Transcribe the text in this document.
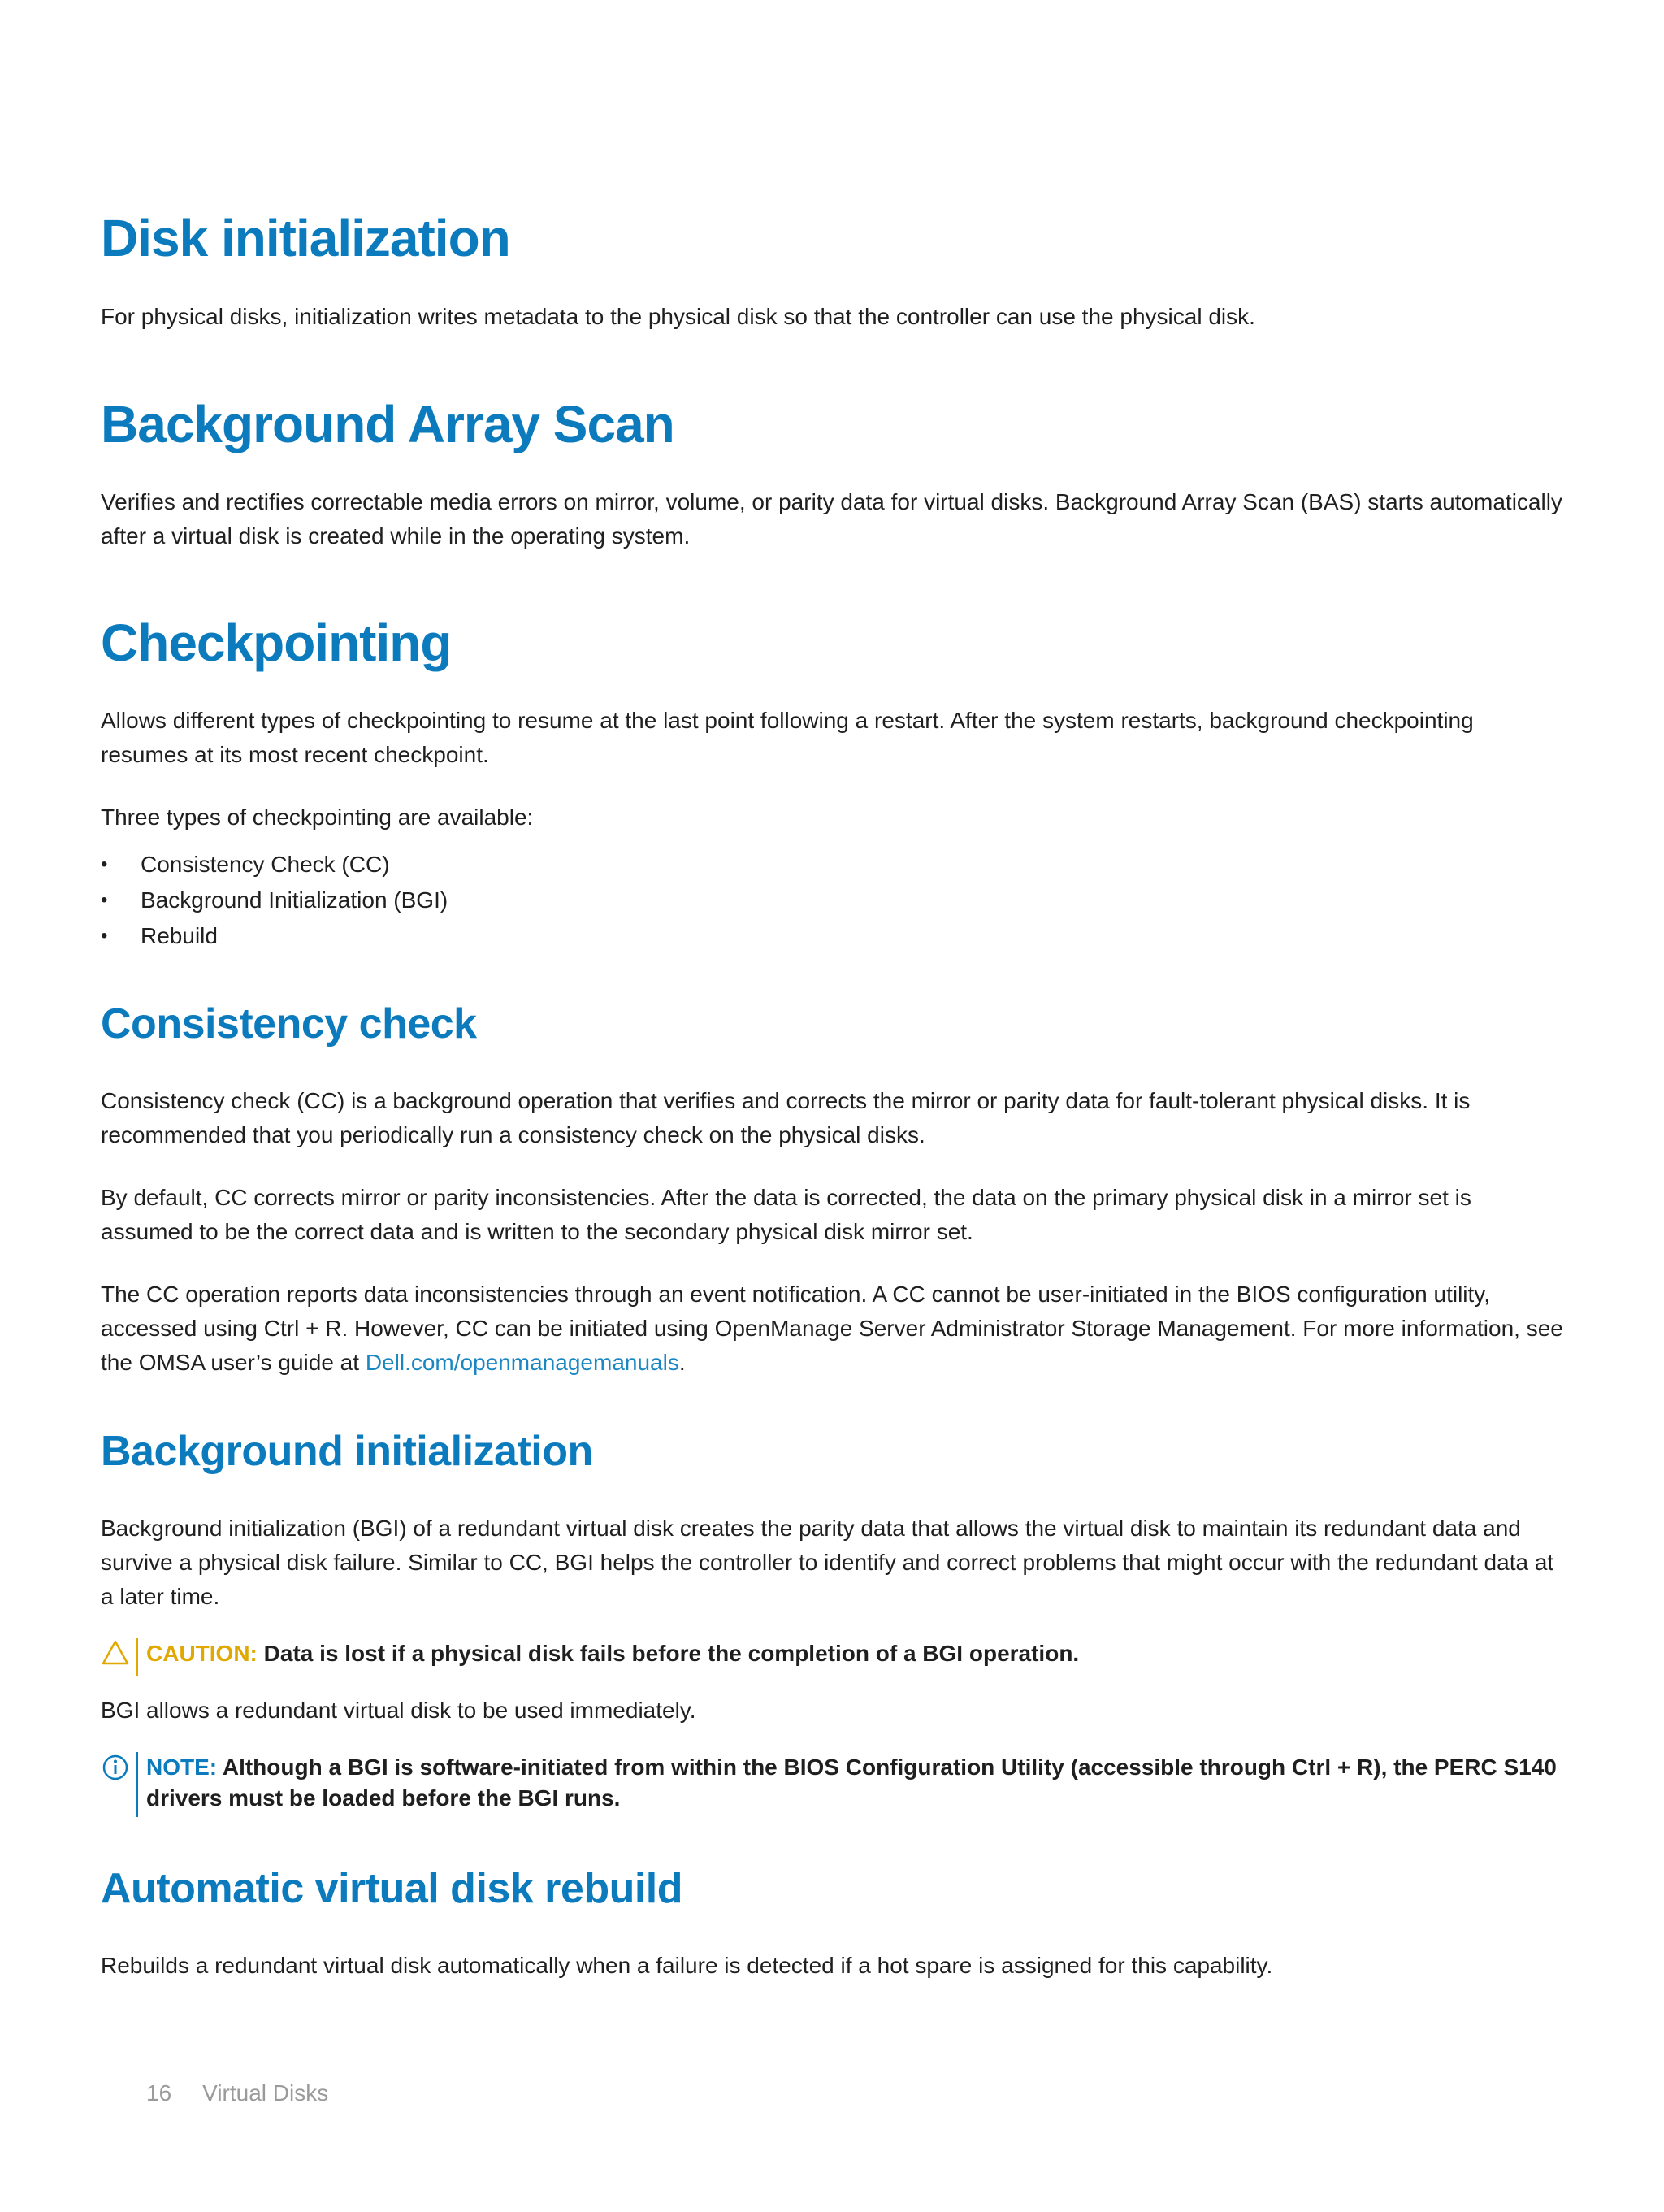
Disk initialization

For physical disks, initialization writes metadata to the physical disk so that the controller can use the physical disk.

Background Array Scan

Verifies and rectifies correctable media errors on mirror, volume, or parity data for virtual disks. Background Array Scan (BAS) starts automatically after a virtual disk is created while in the operating system.

Checkpointing

Allows different types of checkpointing to resume at the last point following a restart. After the system restarts, background checkpointing resumes at its most recent checkpoint.

Three types of checkpointing are available:

• Consistency Check (CC)
• Background Initialization (BGI)
• Rebuild
Consistency check

Consistency check (CC) is a background operation that verifies and corrects the mirror or parity data for fault-tolerant physical disks. It is recommended that you periodically run a consistency check on the physical disks.

By default, CC corrects mirror or parity inconsistencies. After the data is corrected, the data on the primary physical disk in a mirror set is assumed to be the correct data and is written to the secondary physical disk mirror set.

The CC operation reports data inconsistencies through an event notification. A CC cannot be user-initiated in the BIOS configuration utility, accessed using Ctrl + R. However, CC can be initiated using OpenManage Server Administrator Storage Management. For more information, see the OMSA user’s guide at Dell.com/openmanagemanuals.

Background initialization

Background initialization (BGI) of a redundant virtual disk creates the parity data that allows the virtual disk to maintain its redundant data and survive a physical disk failure. Similar to CC, BGI helps the controller to identify and correct problems that might occur with the redundant data at a later time.

CAUTION: Data is lost if a physical disk fails before the completion of a BGI operation.

BGI allows a redundant virtual disk to be used immediately.

NOTE: Although a BGI is software-initiated from within the BIOS Configuration Utility (accessible through Ctrl + R), the PERC S140 drivers must be loaded before the BGI runs.
Automatic virtual disk rebuild

Rebuilds a redundant virtual disk automatically when a failure is detected if a hot spare is assigned for this capability.

16 Virtual Disks
